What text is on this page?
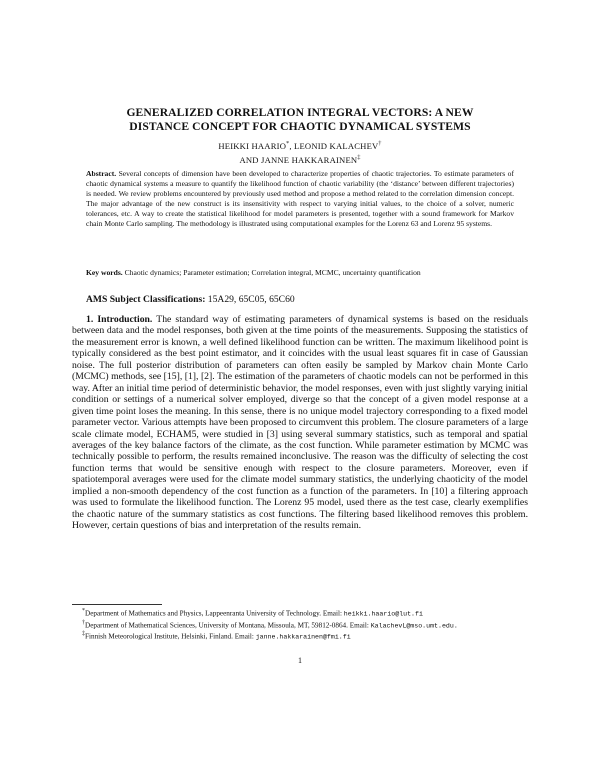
GENERALIZED CORRELATION INTEGRAL VECTORS: A NEW
DISTANCE CONCEPT FOR CHAOTIC DYNAMICAL SYSTEMS
HEIKKI HAARIO*, LEONID KALACHEV†
AND JANNE HAKKARAINEN‡
Abstract. Several concepts of dimension have been developed to characterize properties of chaotic trajectories. To estimate parameters of chaotic dynamical systems a measure to quantify the likelihood function of chaotic variability (the ‘distance’ between different trajectories) is needed. We review problems encountered by previously used method and propose a method related to the correlation dimension concept. The major advantage of the new construct is its insensitivity with respect to varying initial values, to the choice of a solver, numeric tolerances, etc. A way to create the statistical likelihood for model parameters is presented, together with a sound framework for Markov chain Monte Carlo sampling. The methodology is illustrated using computational examples for the Lorenz 63 and Lorenz 95 systems.
Key words. Chaotic dynamics; Parameter estimation; Correlation integral, MCMC, uncertainty quantification
AMS Subject Classifications: 15A29, 65C05, 65C60
1. Introduction. The standard way of estimating parameters of dynamical systems is based on the residuals between data and the model responses, both given at the time points of the measurements. Supposing the statistics of the measurement error is known, a well defined likelihood function can be written. The maximum likelihood point is typically considered as the best point estimator, and it coincides with the usual least squares fit in case of Gaussian noise. The full posterior distribution of parameters can often easily be sampled by Markov chain Monte Carlo (MCMC) methods, see [15], [1], [2]. The estimation of the parameters of chaotic models can not be performed in this way. After an initial time period of deterministic behavior, the model responses, even with just slightly varying initial condition or settings of a numerical solver employed, diverge so that the concept of a given model response at a given time point loses the meaning. In this sense, there is no unique model trajectory corresponding to a fixed model parameter vector. Various attempts have been proposed to circumvent this problem. The closure parameters of a large scale climate model, ECHAM5, were studied in [3] using several summary statistics, such as temporal and spatial averages of the key balance factors of the climate, as the cost function. While parameter estimation by MCMC was technically possible to perform, the results remained inconclusive. The reason was the difficulty of selecting the cost function terms that would be sensitive enough with respect to the closure parameters. Moreover, even if spatiotemporal averages were used for the climate model summary statistics, the underlying chaoticity of the model implied a non-smooth dependency of the cost function as a function of the parameters. In [10] a filtering approach was used to formulate the likelihood function. The Lorenz 95 model, used there as the test case, clearly exemplifies the chaotic nature of the summary statistics as cost functions. The filtering based likelihood removes this problem. However, certain questions of bias and interpretation of the results remain.

*Department of Mathematics and Physics, Lappeenranta University of Technology. Email: heikki.haario@lut.fi

†Department of Mathematical Sciences, University of Montana, Missoula, MT, 59812-0864. Email: KalachevL@mso.umt.edu.

‡Finnish Meteorological Institute, Helsinki, Finland. Email: janne.hakkarainen@fmi.fi

1
